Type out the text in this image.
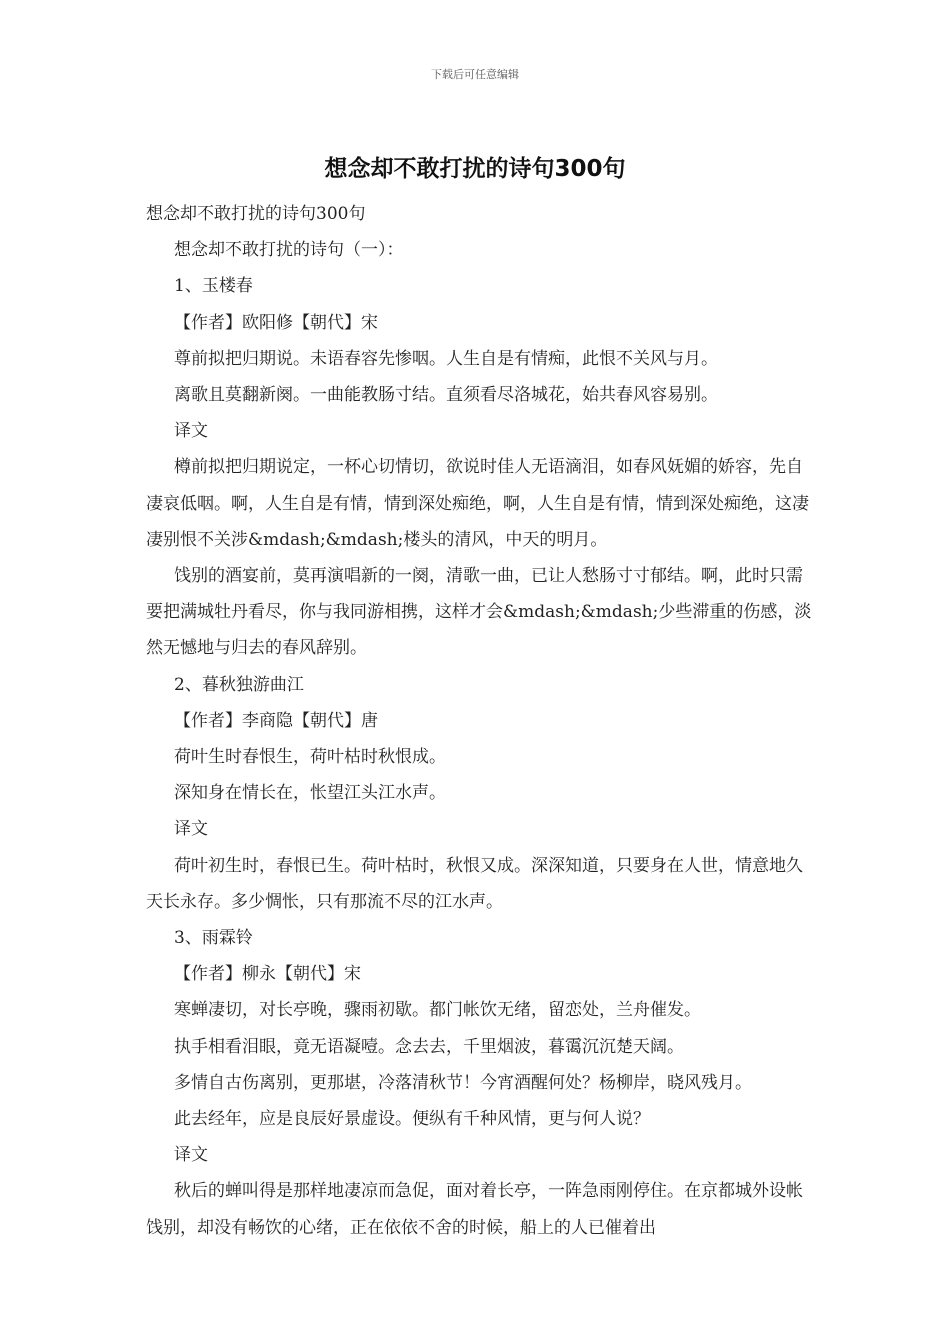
下载后可任意编辑
想念却不敢打扰的诗句300句

想念却不敢打扰的诗句300句

想念却不敢打扰的诗句（一）：

1、玉楼春

【作者】欧阳修【朝代】宋

尊前拟把归期说。未语春容先惨咽。人生自是有情痴，此恨不关风与月。

离歌且莫翻新阕。一曲能教肠寸结。直须看尽洛城花，始共春风容易别。

译文

樽前拟把归期说定，一杯心切情切，欲说时佳人无语滴泪，如春风妩媚的娇容，先自凄哀低咽。啊，人生自是有情，情到深处痴绝，啊，人生自是有情，情到深处痴绝，这凄凄别恨不关涉&mdash;&mdash;楼头的清风，中天的明月。

饯别的酒宴前，莫再演唱新的一阕，清歌一曲，已让人愁肠寸寸郁结。啊，此时只需要把满城牡丹看尽，你与我同游相携，这样才会&mdash;&mdash;少些滞重的伤感，淡然无憾地与归去的春风辞别。

2、暮秋独游曲江

【作者】李商隐【朝代】唐

荷叶生时春恨生，荷叶枯时秋恨成。

深知身在情长在，怅望江头江水声。

译文

荷叶初生时，春恨已生。荷叶枯时，秋恨又成。深深知道，只要身在人世，情意地久天长永存。多少惆怅，只有那流不尽的江水声。

3、雨霖铃

【作者】柳永【朝代】宋

寒蝉凄切，对长亭晚，骤雨初歇。都门帐饮无绪，留恋处，兰舟催发。

执手相看泪眼，竟无语凝噎。念去去，千里烟波，暮霭沉沉楚天阔。

多情自古伤离别，更那堪，冷落清秋节！今宵酒醒何处？杨柳岸，晓风残月。

此去经年，应是良辰好景虚设。便纵有千种风情，更与何人说？

译文

秋后的蝉叫得是那样地凄凉而急促，面对着长亭，一阵急雨刚停住。在京都城外设帐饯别，却没有畅饮的心绪，正在依依不舍的时候，船上的人已催着出
